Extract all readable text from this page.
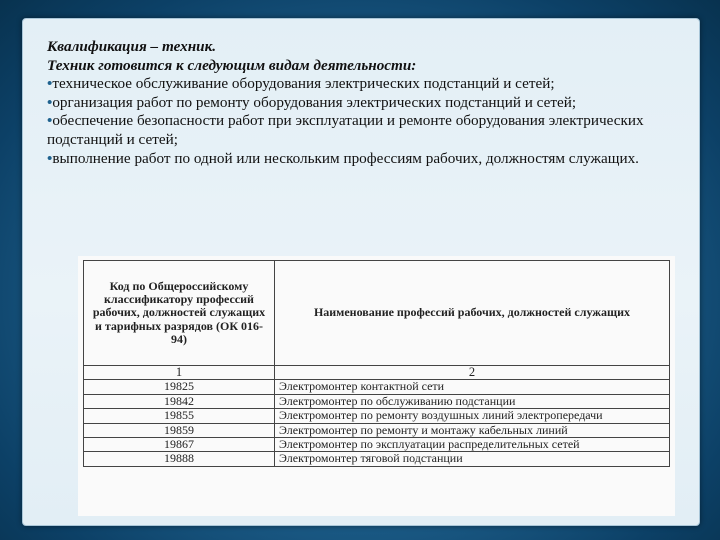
Квалификация – техник.
Техник готовится к следующим видам деятельности:
•техническое обслуживание оборудования электрических подстанций и сетей;
•организация работ по ремонту оборудования электрических подстанций и сетей;
•обеспечение безопасности работ при эксплуатации и ремонте оборудования электрических подстанций и сетей;
•выполнение работ по одной или нескольким профессиям рабочих, должностям служащих.
Код по Общероссийскому классификатору профессий рабочих, должностей служащих и тарифных разрядов (ОК 016-94)	Наименование профессий рабочих, должностей служащих
1	2
19825	Электромонтер контактной сети
19842	Электромонтер по обслуживанию подстанции
19855	Электромонтер по ремонту воздушных линий электропередачи
19859	Электромонтер по ремонту и монтажу кабельных линий
19867	Электромонтер по эксплуатации распределительных сетей
19888	Электромонтер тяговой подстанции
